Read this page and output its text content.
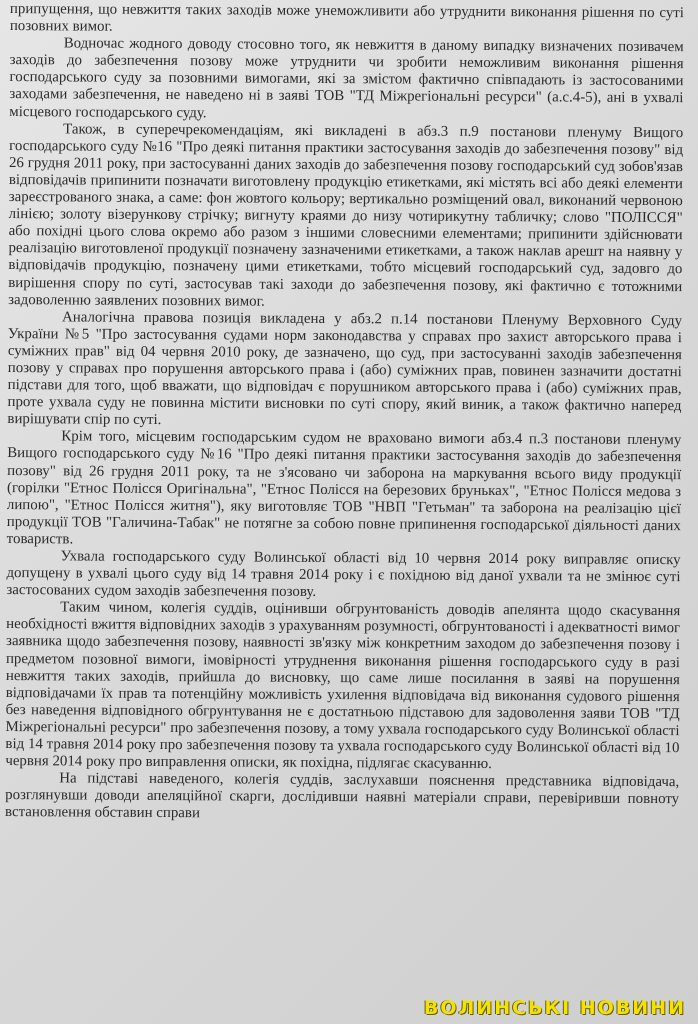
припущення, що невжиття таких заходів може унеможливити або утруднити виконання рішення по суті позовних вимог.

Водночас жодного доводу стосовно того, як невжиття в даному випадку визначених позивачем заходів до забезпечення позову може утруднити чи зробити неможливим виконання рішення господарського суду за позовними вимогами, які за змістом фактично співпадають із застосованими заходами забезпечення, не наведено ні в заяві ТОВ "ТД Міжрегіональні ресурси" (а.с.4-5), ані в ухвалі місцевого господарського суду.

Також, в суперечрекомендаціям, які викладені в абз.3 п.9 постанови пленуму Вищого господарського суду №16 "Про деякі питання практики застосування заходів до забезпечення позову" від 26 грудня 2011 року, при застосуванні даних заходів до забезпечення позову господарський суд зобов'язав відповідачів припинити позначати виготовлену продукцію етикетками, які містять всі або деякі елементи зареєстрованого знака, а саме: фон жовтого кольору; вертикально розміщений овал, виконаний червоною лінією; золоту візерункову стрічку; вигнуту краями до низу чотирикутну табличку; слово "ПОЛІССЯ" або похідні цього слова окремо або разом з іншими словесними елементами; припинити здійснювати реалізацію виготовленої продукції позначену зазначеними етикетками, а також наклав арешт на наявну у відповідачів продукцію, позначену цими етикетками, тобто місцевий господарський суд, задовго до вирішення спору по суті, застосував такі заходи до забезпечення позову, які фактично є тотожними задоволенню заявлених позовних вимог.

Аналогічна правова позиція викладена у абз.2 п.14 постанови Пленуму Верховного Суду України №5 "Про застосування судами норм законодавства у справах про захист авторського права і суміжних прав" від 04 червня 2010 року, де зазначено, що суд, при застосуванні заходів забезпечення позову у справах про порушення авторського права і (або) суміжних прав, повинен зазначити достатні підстави для того, щоб вважати, що відповідач є порушником авторського права і (або) суміжних прав, проте ухвала суду не повинна містити висновки по суті спору, який виник, а також фактично наперед вирішувати спір по суті.

Крім того, місцевим господарським судом не враховано вимоги абз.4 п.3 постанови пленуму Вищого господарського суду №16 "Про деякі питання практики застосування заходів до забезпечення позову" від 26 грудня 2011 року, та не з'ясовано чи заборона на маркування всього виду продукції (горілки "Етнос Полісся Оригінальна", "Етнос Полісся на березових бруньках", "Етнос Полісся медова з липою", "Етнос Полісся житня"), яку виготовляє ТОВ "НВП "Гетьман" та заборона на реалізацію цієї продукції ТОВ "Галичина-Табак" не потягне за собою повне припинення господарської діяльності даних товариств.

Ухвала господарського суду Волинської області від 10 червня 2014 року виправляє описку допущену в ухвалі цього суду від 14 травня 2014 року і є похідною від даної ухвали та не змінює суті застосованих судом заходів забезпечення позову.

Таким чином, колегія суддів, оцінивши обгрунтованість доводів апелянта щодо скасування необхідності вжиття відповідних заходів з урахуванням розумності, обгрунтованості і адекватності вимог заявника щодо забезпечення позову, наявності зв'язку між конкретним заходом до забезпечення позову і предметом позовної вимоги, імовірності утруднення виконання рішення господарського суду в разі невжиття таких заходів, прийшла до висновку, що саме лише посилання в заяві на порушення відповідачами їх прав та потенційну можливість ухилення відповідача від виконання судового рішення без наведення відповідного обгрунтування не є достатньою підставою для задоволення заяви ТОВ "ТД Міжрегіональні ресурси" про забезпечення позову, а тому ухвала господарського суду Волинської області від 14 травня 2014 року про забезпечення позову та ухвала господарського суду Волинської області від 10 червня 2014 року про виправлення описки, як похідна, підлягає скасуванню.

На підставі наведеного, колегія суддів, заслухавши пояснення представника відповідача, розглянувши доводи апеляційної скарги, дослідивши наявні матеріали справи, перевіривши повноту встановлення обставин справи

ВОЛИНСЬКІ НОВИНИ
